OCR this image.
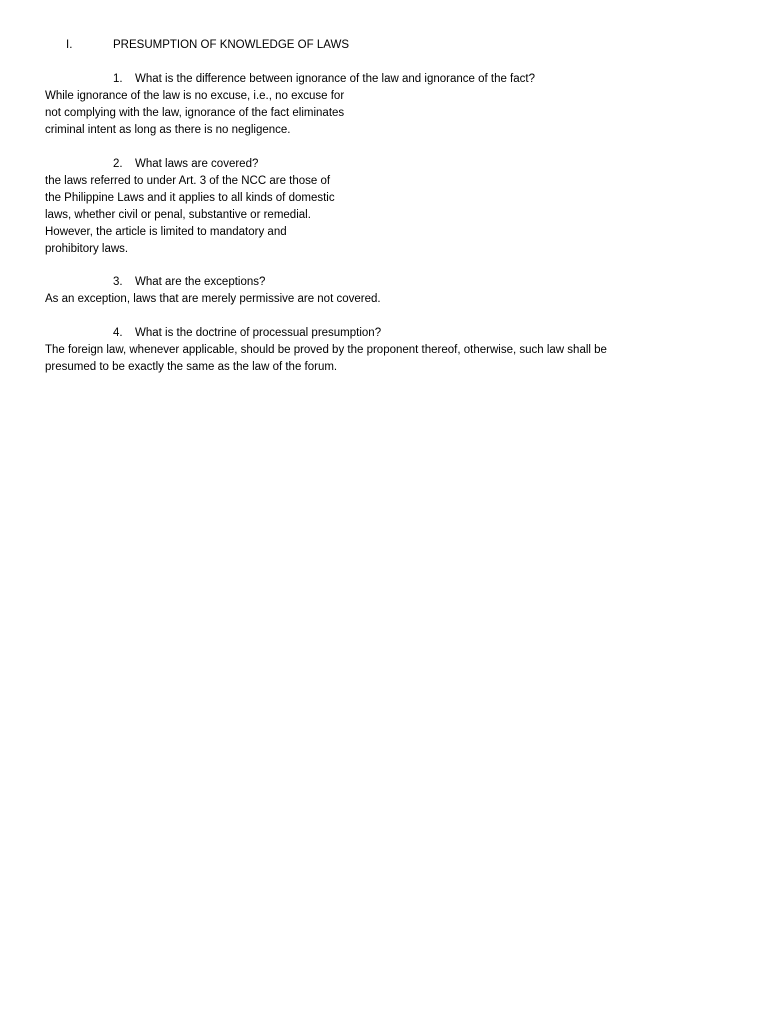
I.	PRESUMPTION OF KNOWLEDGE OF LAWS
1. What is the difference between ignorance of the law and ignorance of the fact?
While ignorance of the law is no excuse, i.e., no excuse for
not complying with the law, ignorance of the fact eliminates
criminal intent as long as there is no negligence.
2. What laws are covered?
the laws referred to under Art. 3 of the NCC are those of
the Philippine Laws and it applies to all kinds of domestic
laws, whether civil or penal, substantive or remedial.
However, the article is limited to mandatory and
prohibitory laws.
3. What are the exceptions?
As an exception, laws that are merely permissive are not covered.
4. What is the doctrine of processual presumption?
The foreign law, whenever applicable, should be proved by the proponent thereof, otherwise, such law shall be
presumed to be exactly the same as the law of the forum.
